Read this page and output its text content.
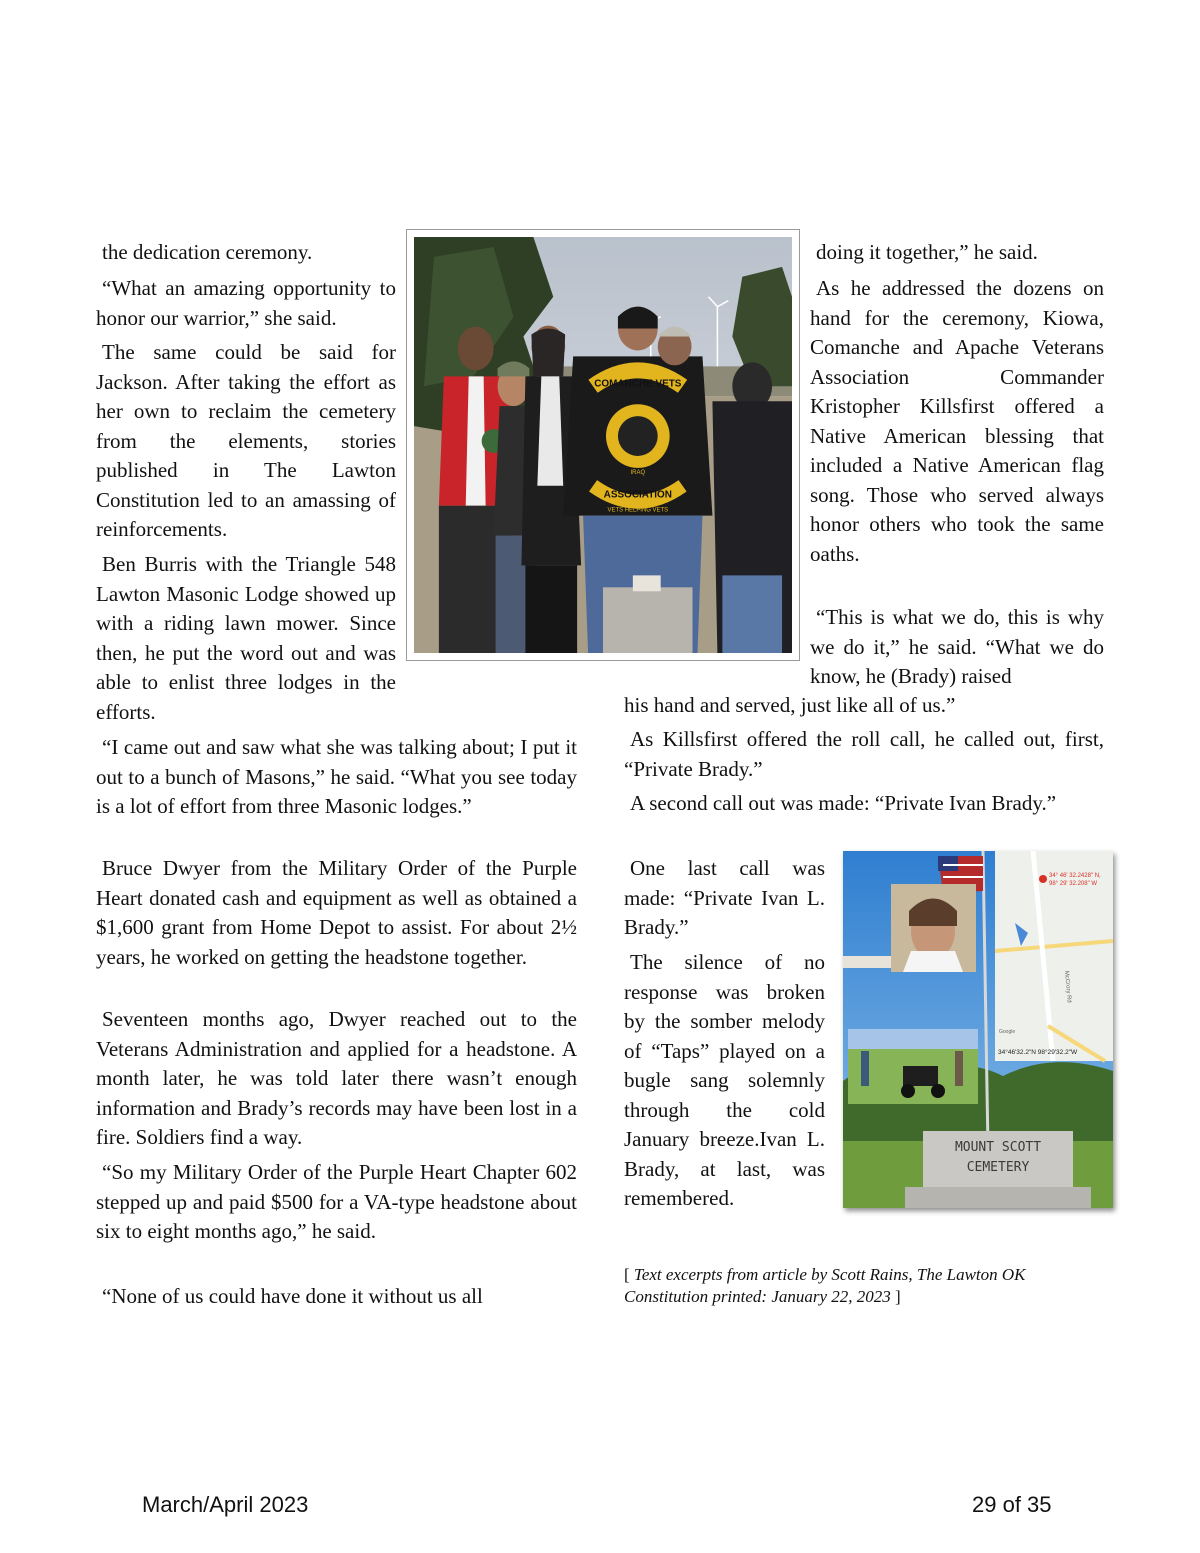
the dedication ceremony.

“What an amazing opportunity to honor our warrior,” she said.

The same could be said for Jackson. After taking the effort as her own to reclaim the cemetery from the elements, stories published in The Lawton Constitution led to an amassing of reinforcements.

Ben Burris with the Triangle 548 Lawton Masonic Lodge showed up with a riding lawn mower. Since then, he put the word out and was able to enlist three lodges in the efforts.

“I came out and saw what she was talking about; I put it out to a bunch of Masons,” he said. “What you see today is a lot of effort from three Masonic lodges.”

Bruce Dwyer from the Military Order of the Purple Heart donated cash and equipment as well as obtained a $1,600 grant from Home Depot to assist. For about 2½ years, he worked on getting the headstone together.

Seventeen months ago, Dwyer reached out to the Veterans Administration and applied for a headstone. A month later, he was told later there wasn’t enough information and Brady’s records may have been lost in a fire. Soldiers find a way.

“So my Military Order of the Purple Heart Chapter 602 stepped up and paid $500 for a VA-type headstone about six to eight months ago,” he said.

“None of us could have done it without us all

COMANCHE VETS
ASSOCIATION
IRAQ
VETS HELPING VETS

doing it together,” he said.

As he addressed the dozens on hand for the ceremony, Kiowa, Comanche and Apache Veterans Association Commander Kristopher Killsfirst offered a Native American blessing that included a Native American flag song. Those who served always honor others who took the same oaths.

“This is what we do, this is why we do it,” he said. “What we do know, he (Brady) raised

his hand and served, just like all of us.”

As Killsfirst offered the roll call, he called out, first, “Private Brady.”

A second call out was made: “Private Ivan Brady.”

One last call was made: “Private Ivan L. Brady.”

The silence of no response was broken by the somber melody of “Taps” played on a bugle sang solemnly through the cold January breeze.Ivan L. Brady, at last, was remembered.

34° 46' 32.2428" N,
98° 29' 32.208" W
McCrory Rd
Google
34°46'32.2"N 98°29'32.2"W
MOUNT SCOTT
CEMETERY
[ Text excerpts from article by Scott Rains, The Lawton OK Constitution printed: January 22, 2023 ]
March/April 2023	29 of 35
